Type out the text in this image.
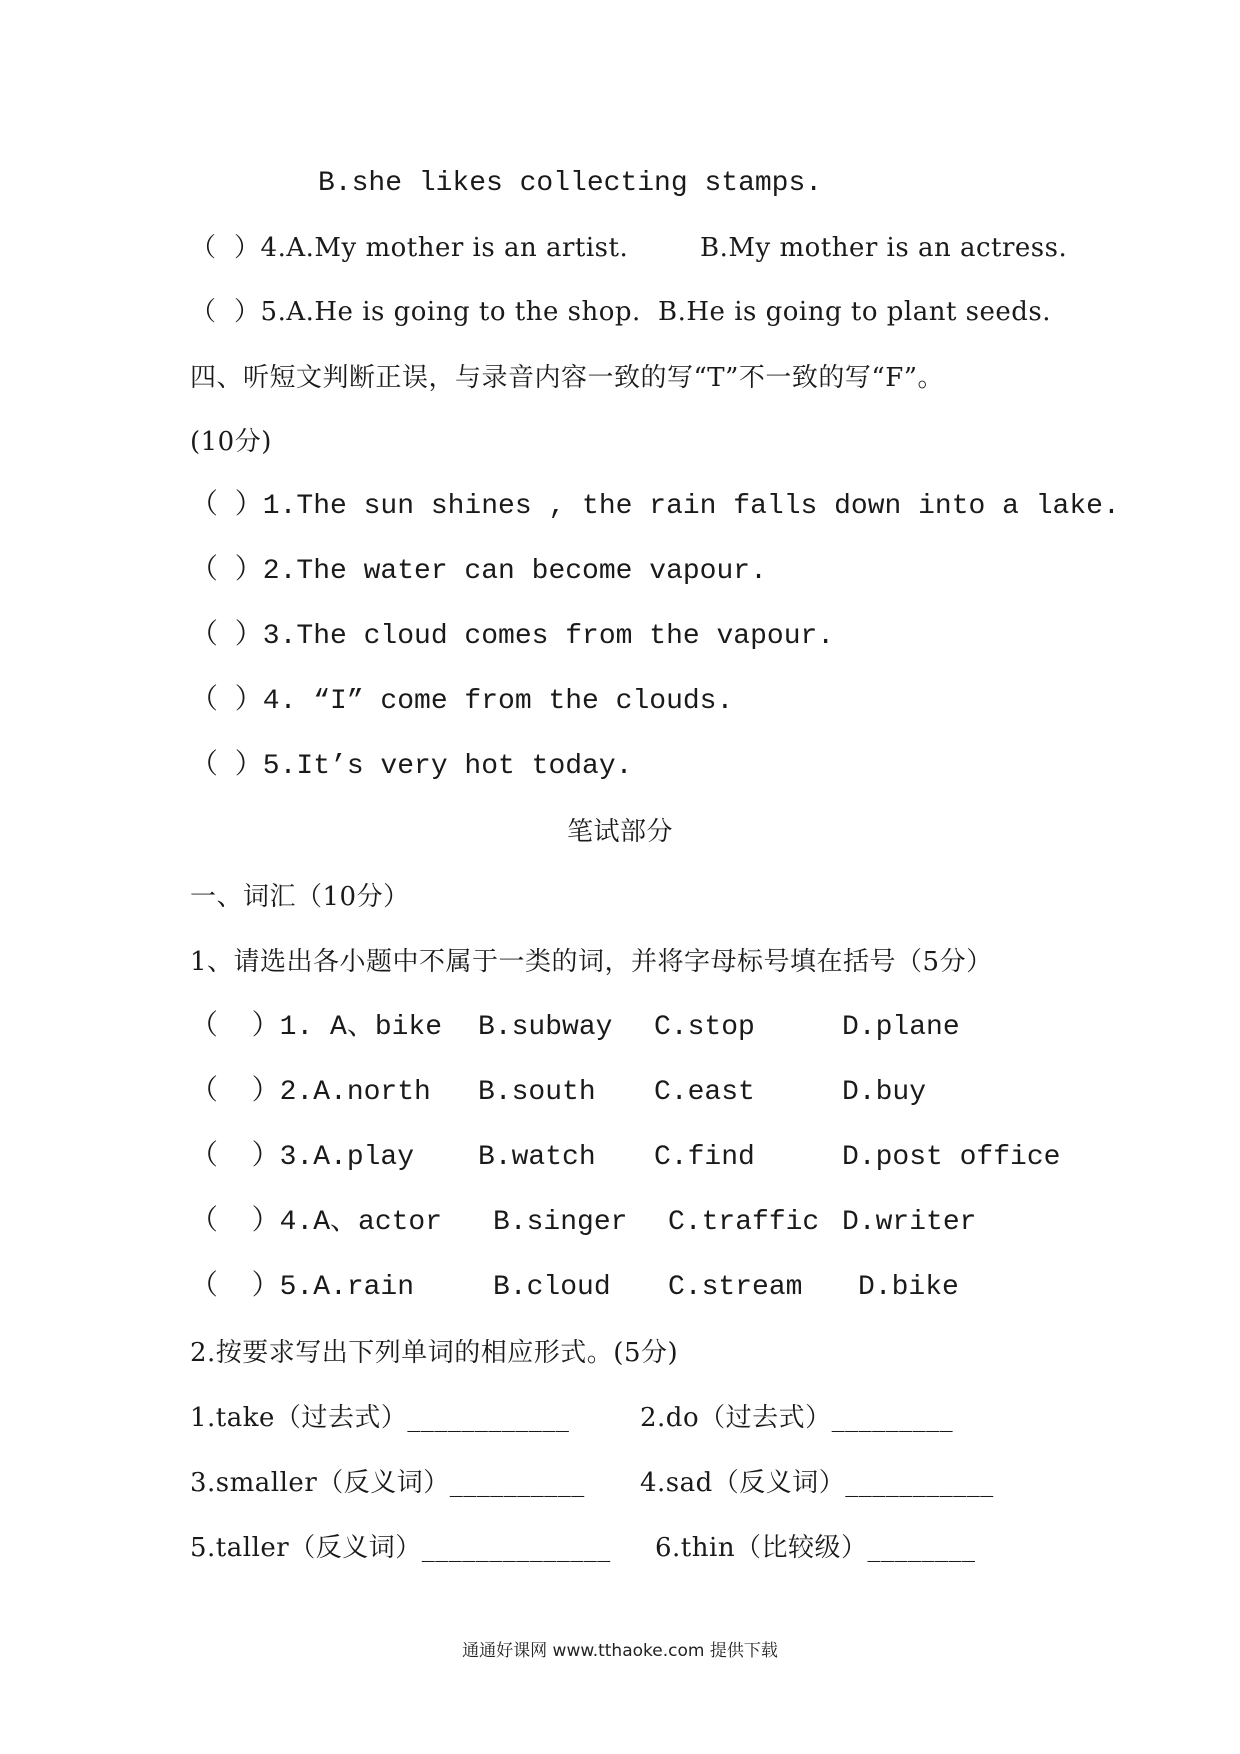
B.she likes collecting stamps.

（  ）4.A.My mother is an artist.

	B.My mother is an actress.

（  ）5.A.He is going to the shop.

B.He is going to plant seeds.

四、听短文判断正误，与录音内容一致的写“T”不一致的写“F”。
(10分)
（ ）1.The sun shines , the rain falls down into a lake.
（ ）2.The water can become vapour.
（ ）3.The cloud comes from the vapour.
（ ）4. “I” come from the clouds.
（ ）5.It’s very hot today.
笔试部分
一、词汇（10分）
1、请选出各小题中不属于一类的词，并将字母标号填在括号（5分）

（  ）1. A、bike

B.subway

C.stop

	D.plane

（  ）2.A.north

B.south

C.east

	D.buy

（  ）3.A.play

B.watch

C.find

	D.post office

（  ）4.A、actor

B.singer

C.traffic

D.writer

（  ）5.A.rain

	B.cloud

C.stream

D.bike

2.按要求写出下列单词的相应形式。(5分)

1.take（过去式）____________

	2.do（过去式）_________

3.smaller（反义词）__________

4.sad（反义词）___________

5.taller（反义词）______________

6.thin（比较级）________

通通好课网 www.tthaoke.com 提供下载
